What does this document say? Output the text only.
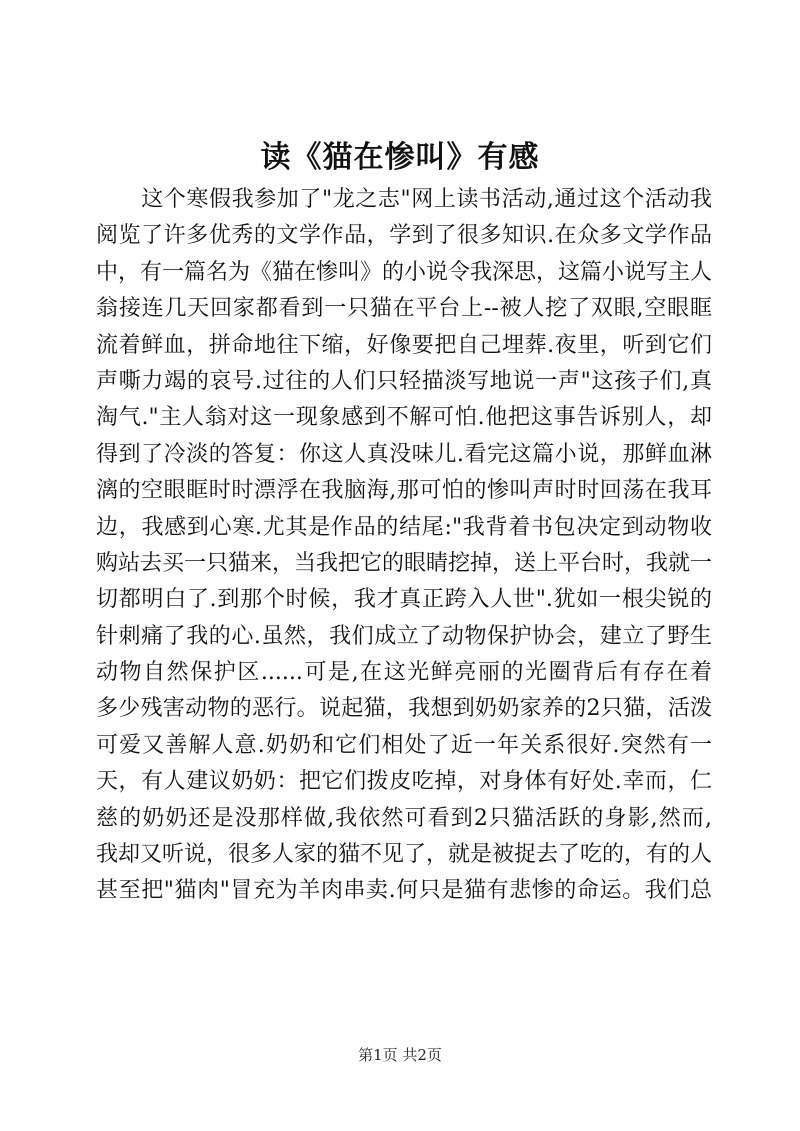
读《猫在惨叫》有感
　　这个寒假我参加了"龙之志"网上读书活动,通过这个活动我
阅览了许多优秀的文学作品，学到了很多知识.在众多文学作品
中，有一篇名为《猫在惨叫》的小说令我深思，这篇小说写主人
翁接连几天回家都看到一只猫在平台上--被人挖了双眼,空眼眶
流着鲜血，拼命地往下缩，好像要把自己埋葬.夜里，听到它们
声嘶力竭的哀号.过往的人们只轻描淡写地说一声"这孩子们,真
淘气."主人翁对这一现象感到不解可怕.他把这事告诉别人，却
得到了冷淡的答复：你这人真没味儿.看完这篇小说，那鲜血淋
漓的空眼眶时时漂浮在我脑海,那可怕的惨叫声时时回荡在我耳
边，我感到心寒.尤其是作品的结尾:"我背着书包决定到动物收
购站去买一只猫来，当我把它的眼睛挖掉，送上平台时，我就一
切都明白了.到那个时候，我才真正跨入人世".犹如一根尖锐的
针刺痛了我的心.虽然，我们成立了动物保护协会，建立了野生
动物自然保护区......可是,在这光鲜亮丽的光圈背后有存在着
多少残害动物的恶行。说起猫，我想到奶奶家养的2只猫，活泼
可爱又善解人意.奶奶和它们相处了近一年关系很好.突然有一
天，有人建议奶奶：把它们拨皮吃掉，对身体有好处.幸而，仁
慈的奶奶还是没那样做,我依然可看到2只猫活跃的身影,然而,
我却又听说，很多人家的猫不见了，就是被捉去了吃的，有的人
甚至把"猫肉"冒充为羊肉串卖.何只是猫有悲惨的命运。我们总
第1页 共2页
